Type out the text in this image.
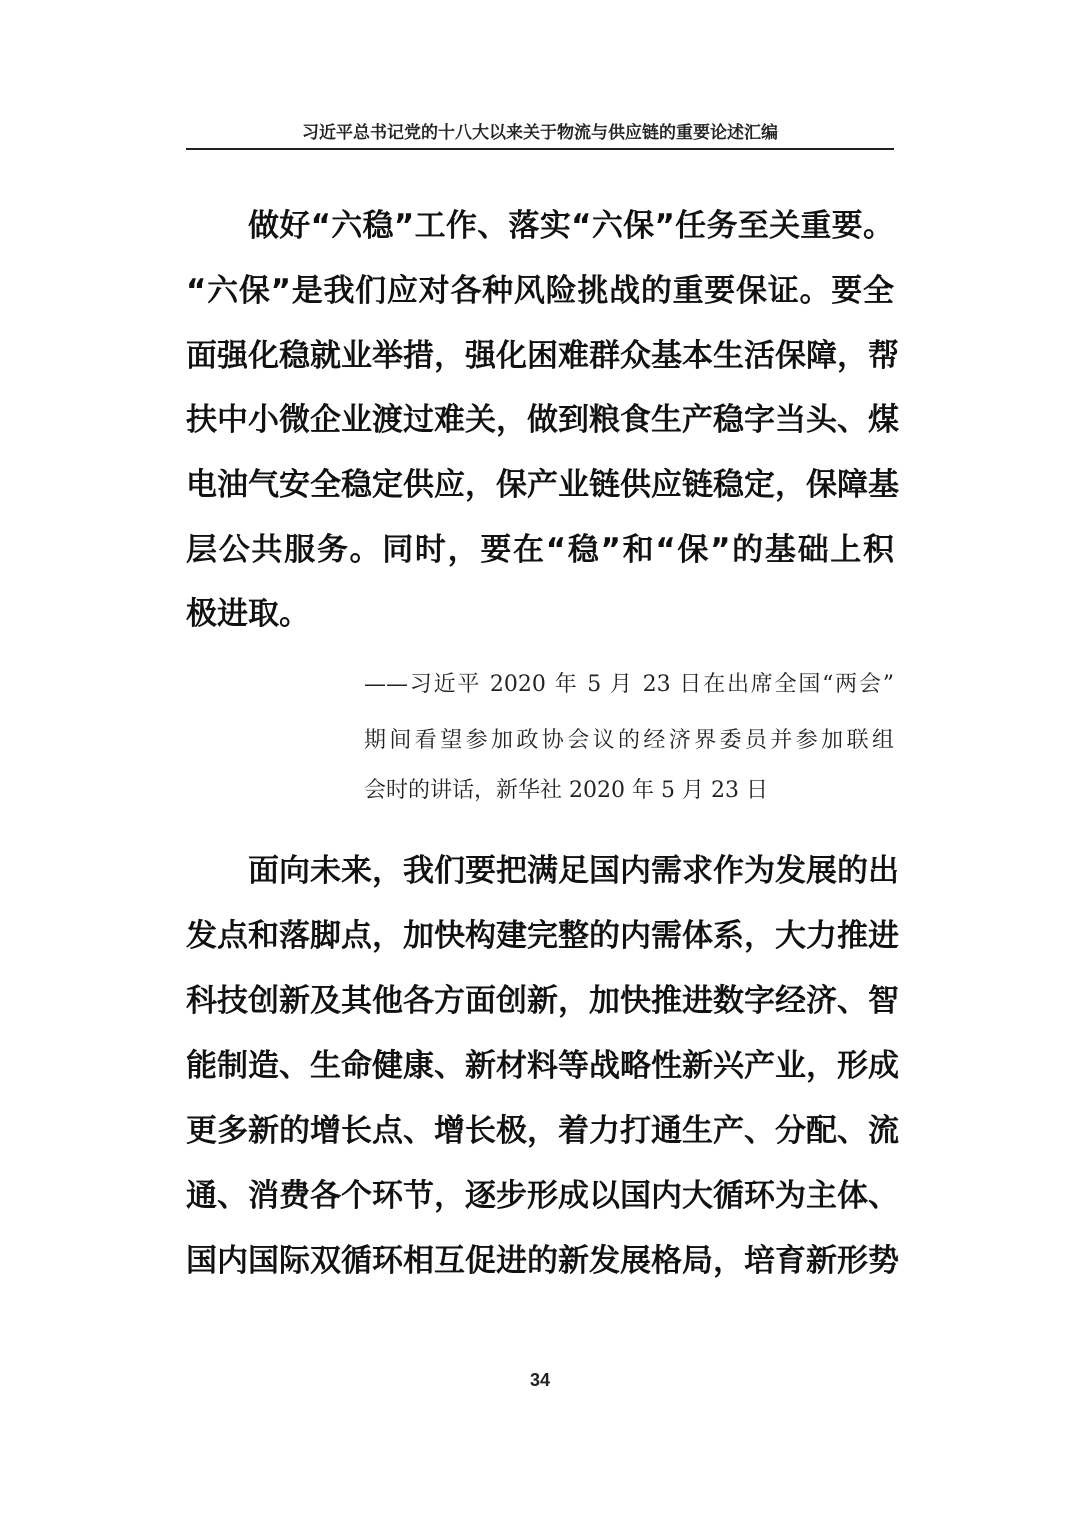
习近平总书记党的十八大以来关于物流与供应链的重要论述汇编
做好“六稳”工作、落实“六保”任务至关重要。
“六保”是我们应对各种风险挑战的重要保证。要全
面强化稳就业举措，强化困难群众基本生活保障，帮
扶中小微企业渡过难关，做到粮食生产稳字当头、煤
电油气安全稳定供应，保产业链供应链稳定，保障基
层公共服务。同时，要在“稳”和“保”的基础上积
极进取。
——习近平 2020 年 5 月 23 日在出席全国“两会”
期间看望参加政协会议的经济界委员并参加联组
会时的讲话，新华社 2020 年 5 月 23 日
面向未来，我们要把满足国内需求作为发展的出
发点和落脚点，加快构建完整的内需体系，大力推进
科技创新及其他各方面创新，加快推进数字经济、智
能制造、生命健康、新材料等战略性新兴产业，形成
更多新的增长点、增长极，着力打通生产、分配、流
通、消费各个环节，逐步形成以国内大循环为主体、
国内国际双循环相互促进的新发展格局，培育新形势
34
